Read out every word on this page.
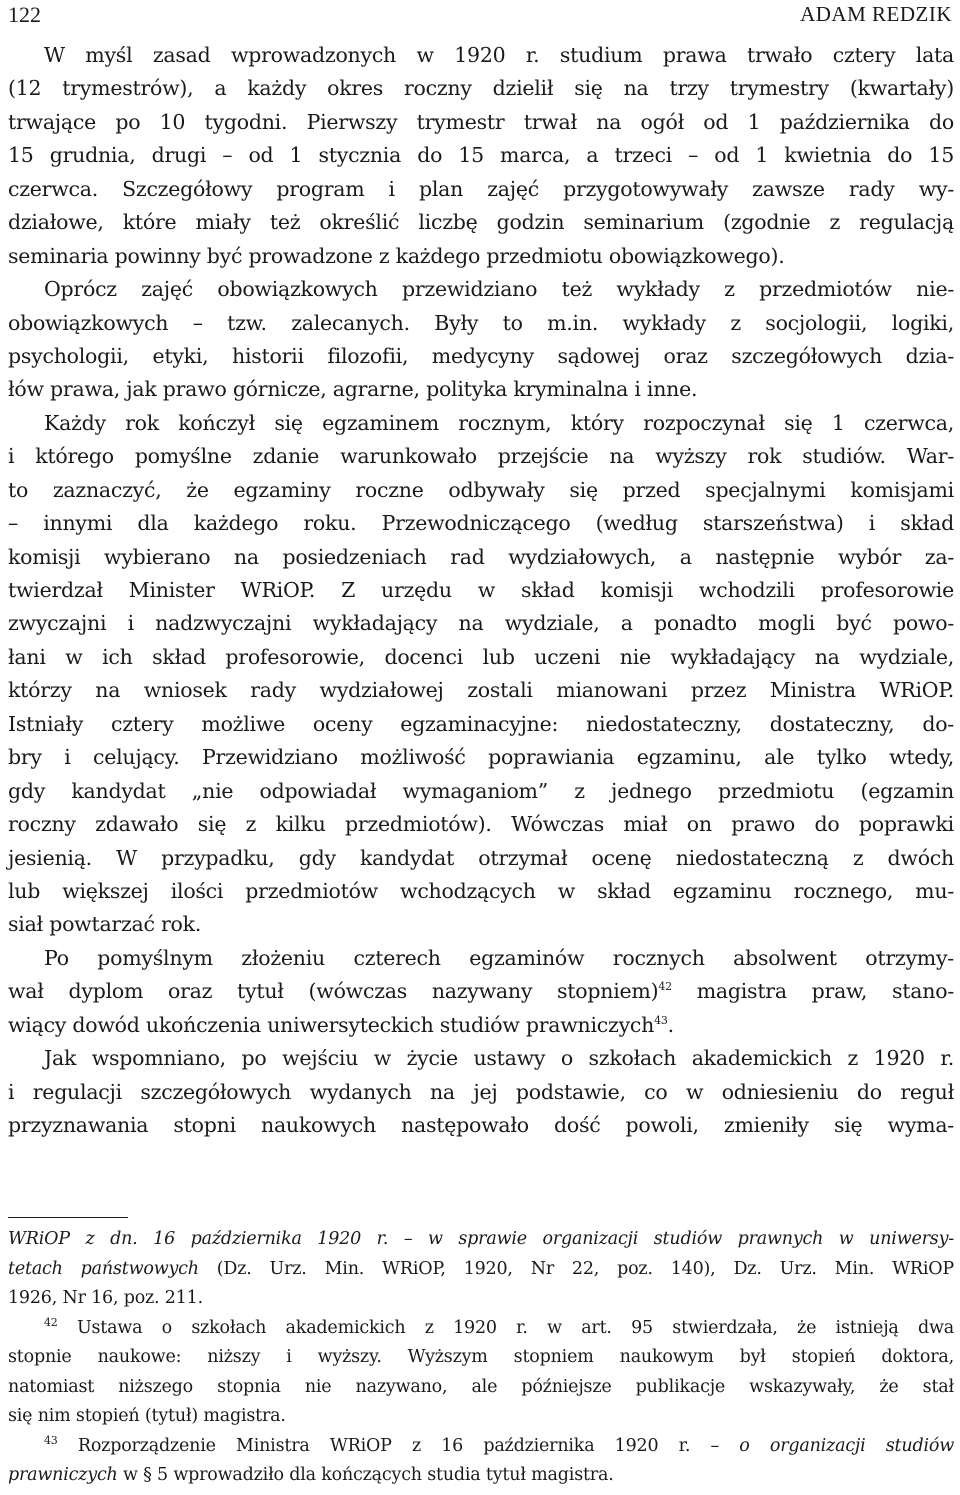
122	ADAM REDZIK
W myśl zasad wprowadzonych w 1920 r. studium prawa trwało cztery lata
(12 trymestrów), a każdy okres roczny dzielił się na trzy trymestry (kwartały)
trwające po 10 tygodni. Pierwszy trymestr trwał na ogół od 1 października do
15 grudnia, drugi – od 1 stycznia do 15 marca, a trzeci – od 1 kwietnia do 15
czerwca. Szczegółowy program i plan zajęć przygotowywały zawsze rady wy-
działowe, które miały też określić liczbę godzin seminarium (zgodnie z regulacją
seminaria powinny być prowadzone z każdego przedmiotu obowiązkowego).
Oprócz zajęć obowiązkowych przewidziano też wykłady z przedmiotów nie-
obowiązkowych – tzw. zalecanych. Były to m.in. wykłady z socjologii, logiki,
psychologii, etyki, historii filozofii, medycyny sądowej oraz szczegółowych dzia-
łów prawa, jak prawo górnicze, agrarne, polityka kryminalna i inne.
Każdy rok kończył się egzaminem rocznym, który rozpoczynał się 1 czerwca,
i którego pomyślne zdanie warunkowało przejście na wyższy rok studiów. War-
to zaznaczyć, że egzaminy roczne odbywały się przed specjalnymi komisjami
– innymi dla każdego roku. Przewodniczącego (według starszeństwa) i skład
komisji wybierano na posiedzeniach rad wydziałowych, a następnie wybór za-
twierdzał Minister WRiOP. Z urzędu w skład komisji wchodzili profesorowie
zwyczajni i nadzwyczajni wykładający na wydziale, a ponadto mogli być powo-
łani w ich skład profesorowie, docenci lub uczeni nie wykładający na wydziale,
którzy na wniosek rady wydziałowej zostali mianowani przez Ministra WRiOP.
Istniały cztery możliwe oceny egzaminacyjne: niedostateczny, dostateczny, do-
bry i celujący. Przewidziano możliwość poprawiania egzaminu, ale tylko wtedy,
gdy kandydat „nie odpowiadał wymaganiom” z jednego przedmiotu (egzamin
roczny zdawało się z kilku przedmiotów). Wówczas miał on prawo do poprawki
jesienią. W przypadku, gdy kandydat otrzymał ocenę niedostateczną z dwóch
lub większej ilości przedmiotów wchodzących w skład egzaminu rocznego, mu-
siał powtarzać rok.
Po pomyślnym złożeniu czterech egzaminów rocznych absolwent otrzymy-
wał dyplom oraz tytuł (wówczas nazywany stopniem)$^{42}$ magistra praw, stano-
wiący dowód ukończenia uniwersyteckich studiów prawniczych$^{43}$.
Jak wspomniano, po wejściu w życie ustawy o szkołach akademickich z 1920 r.
i regulacji szczegółowych wydanych na jej podstawie, co w odniesieniu do reguł
przyznawania stopni naukowych następowało dość powoli, zmieniły się wyma-
WRiOP z dn. 16 października 1920 r. – w sprawie organizacji studiów prawnych w uniwersy-
tetach państwowych (Dz. Urz. Min. WRiOP, 1920, Nr 22, poz. 140), Dz. Urz. Min. WRiOP
1926, Nr 16, poz. 211.
$^{42}$ Ustawa o szkołach akademickich z 1920 r. w art. 95 stwierdzała, że istnieją dwa
stopnie naukowe: niższy i wyższy. Wyższym stopniem naukowym był stopień doktora,
natomiast niższego stopnia nie nazywano, ale późniejsze publikacje wskazywały, że stał
się nim stopień (tytuł) magistra.
$^{43}$ Rozporządzenie Ministra WRiOP z 16 października 1920 r. – o organizacji studiów
prawniczych w § 5 wprowadziło dla kończących studia tytuł magistra.
